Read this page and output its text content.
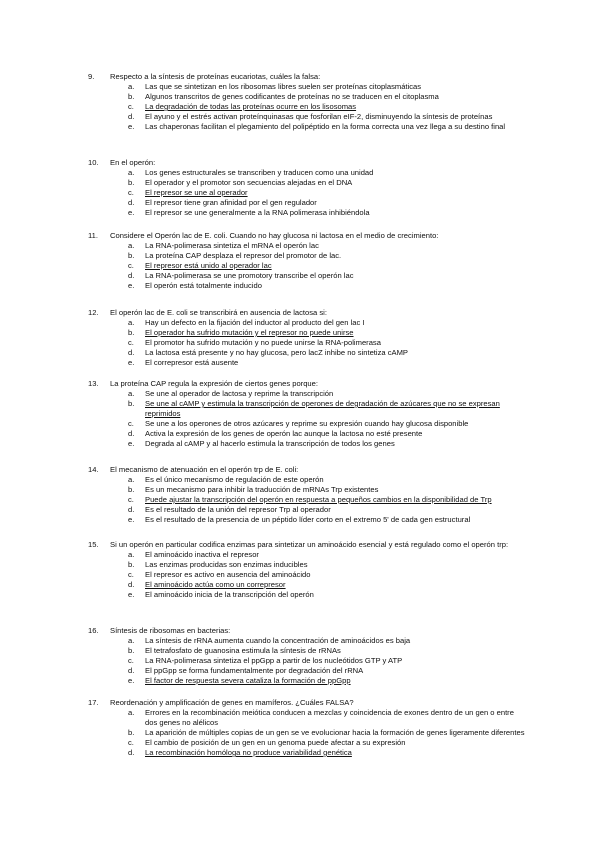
9.	Respecto a la síntesis de proteínas eucariotas, cuáles la falsa:
a.	Las que se sintetizan en los ribosomas libres suelen ser proteínas citoplasmáticas
b.	Algunos transcritos de genes codificantes de proteínas no se traducen en el citoplasma
c.	La degradación de todas las proteínas ocurre en los lisosomas
d.	El ayuno y el estrés activan proteínquinasas que fosforilan eIF-2, disminuyendo la síntesis de proteínas
e.	Las chaperonas facilitan el plegamiento del polipéptido en la forma correcta una vez llega a su destino final
10.	En el operón:
a.	Los genes estructurales se transcriben y traducen como una unidad
b.	El operador y el promotor son secuencias alejadas en el DNA
c.	El represor se une al operador
d.	El represor tiene gran afinidad por el gen regulador
e.	El represor se une generalmente a la RNA polimerasa inhibiéndola
11.	Considere el Operón lac de E. coli. Cuando no hay glucosa ni lactosa en el medio de crecimiento:
a.	La RNA-polimerasa sintetiza el mRNA el operón lac
b.	La proteína CAP desplaza el represor del promotor de lac.
c.	El represor está unido al operador lac
d.	La RNA-polimerasa se une promotory transcribe el operón lac
e.	El operón está totalmente inducido
12.	El operón lac de E. coli se transcribirá en ausencia de lactosa si:
a.	Hay un defecto en la fijación del inductor al producto del gen lac I
b.	El operador ha sufrido mutación y el represor no puede unirse
c.	El promotor ha sufrido mutación y no puede unirse la RNA-polimerasa
d.	La lactosa está presente y no hay glucosa, pero lacZ inhibe no sintetiza cAMP
e.	El correpresor está ausente
13.	La proteína CAP regula la expresión de ciertos genes porque:
a.	Se une al operador de lactosa y reprime la transcripción
b.	Se une al cAMP y estimula la transcripción de operones de degradación de azúcares que no se expresan reprimidos
c.	Se une a los operones de otros azúcares y reprime su expresión cuando hay glucosa disponible
d.	Activa la expresión de los genes de operón lac aunque la lactosa no esté presente
e.	Degrada al cAMP y al hacerlo estimula la transcripción de todos los genes
14.	El mecanismo de atenuación en el operón trp de E. coli:
a.	Es el único mecanismo de regulación de este operón
b.	Es un mecanismo para inhibir la traducción de mRNAs Trp existentes
c.	Puede ajustar la transcripción del operón en respuesta a pequeños cambios en la disponibilidad de Trp
d.	Es el resultado de la unión del represor Trp al operador
e.	Es el resultado de la presencia de un péptido líder corto en el extremo 5' de cada gen estructural
15.	Si un operón en particular codifica enzimas para sintetizar un aminoácido esencial y está regulado como el operón trp:
a.	El aminoácido inactiva el represor
b.	Las enzimas producidas son enzimas inducibles
c.	El represor es activo en ausencia del aminoácido
d.	El aminoácido actúa como un correpresor
e.	El aminoácido inicia de la transcripción del operón
16.	Síntesis de ribosomas en bacterias:
a.	La síntesis de rRNA aumenta cuando la concentración de aminoácidos es baja
b.	El tetrafosfato de guanosina estimula la síntesis de rRNAs
c.	La RNA-polimerasa sintetiza el ppGpp a partir de los nucleótidos GTP y ATP
d.	El ppGpp se forma fundamentalmente por degradación del rRNA
e.	El factor de respuesta severa cataliza la formación de ppGpp
17.	Reordenación y amplificación de genes en mamíferos. ¿Cuáles FALSA?
a.	Errores en la recombinación meiótica conducen a mezclas y coincidencia de exones dentro de un gen o entre dos genes no alélicos
b.	La aparición de múltiples copias de un gen se ve evolucionar hacia la formación de genes ligeramente diferentes
c.	El cambio de posición de un gen en un genoma puede afectar a su expresión
d.	La recombinación homóloga no produce variabilidad genética
